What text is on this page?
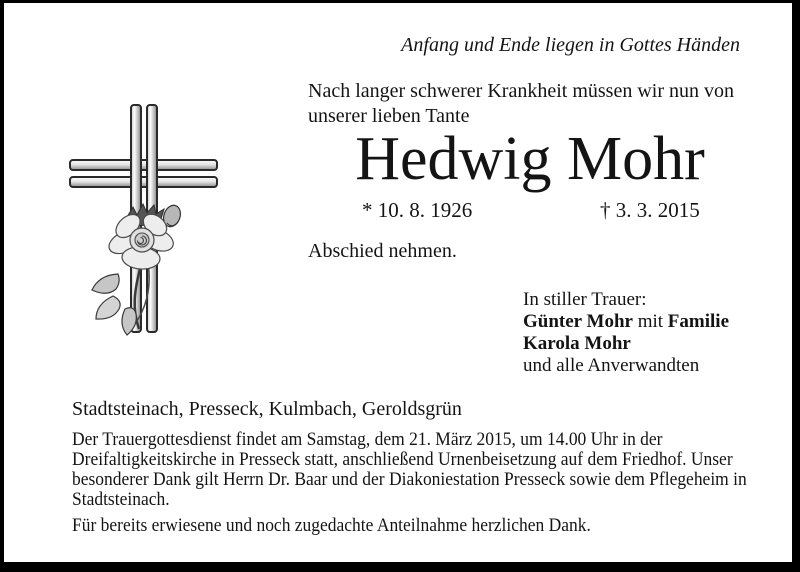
Anfang und Ende liegen in Gottes Händen
Nach langer schwerer Krankheit müssen wir nun von unserer lieben Tante
Hedwig Mohr
* 10. 8. 1926	† 3. 3. 2015
Abschied nehmen.
In stiller Trauer:
Günter Mohr mit Familie
Karola Mohr
und alle Anverwandten
Stadtsteinach, Presseck, Kulmbach, Geroldsgrün
Der Trauergottesdienst findet am Samstag, dem 21. März 2015, um 14.00 Uhr in der Dreifaltigkeitskirche in Presseck statt, anschließend Urnenbeisetzung auf dem Friedhof. Unser besonderer Dank gilt Herrn Dr. Baar und der Diakoniestation Presseck sowie dem Pflegeheim in Stadtsteinach.
Für bereits erwiesene und noch zugedachte Anteilnahme herzlichen Dank.
